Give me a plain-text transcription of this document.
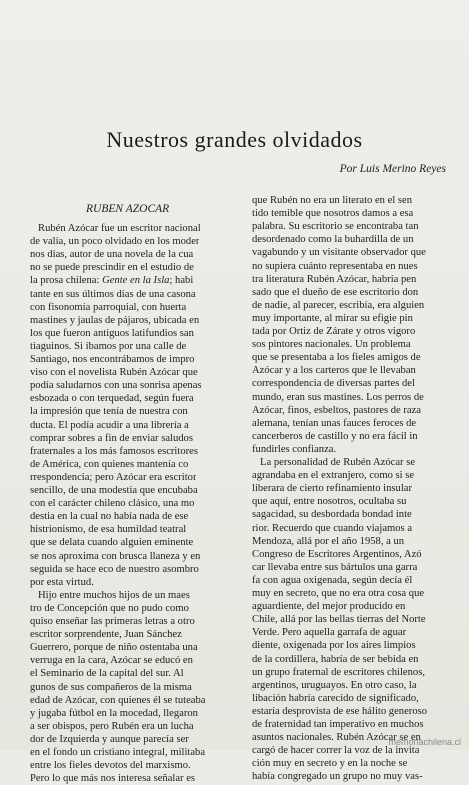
Nuestros grandes olvidados
Por Luis Merino Reyes
RUBEN AZOCAR
Rubén Azócar fue un escritor nacional
de valía, un poco olvidado en los moder
nos días, autor de una novela de la cua
no se puede prescindir en el estudio de
la prosa chilena: Gente en la Isla; habi
tante en sus últimos días de una casona
con fisonomía parroquial, con huerta
mastines y jaulas de pájaros, ubicada en
los que fueron antiguos latifundios san
tiaguinos. Si íbamos por una calle de
Santiago, nos encontrábamos de impro
viso con el novelista Rubén Azócar que
podía saludarnos con una sonrisa apenas
esbozada o con terquedad, según fuera
la impresión que tenía de nuestra con
ducta. El podía acudir a una librería a
comprar sobres a fin de enviar saludos
fraternales a los más famosos escritores
de América, con quienes mantenía co
rrespondencia; pero Azócar era escritor
sencillo, de una modestia que encubaba
con el carácter chileno clásico, una mo
destia en la cual no había nada de ese
histrionismo, de esa humildad teatral
que se delata cuando alguien eminente
se nos aproxima con brusca llaneza y en
seguida se hace eco de nuestro asombro
por esta virtud.
Hijo entre muchos hijos de un maes
tro de Concepción que no pudo como
quiso enseñar las primeras letras a otro
escritor sorprendente, Juan Sánchez
Guerrero, porque de niño ostentaba una
verruga en la cara, Azócar se educó en
el Seminario de la capital del sur. Al
gunos de sus compañeros de la misma
edad de Azócar, con quienes él se tuteaba
y jugaba fútbol en la mocedad, llegaron
a ser obispos, pero Rubén era un lucha
dor de Izquierda y aunque parecía ser
en el fondo un cristiano integral, militaba
entre los fieles devotos del marxismo.
Pero lo que más nos interesa señalar es
que Rubén no era un literato en el sen
tido temible que nosotros damos a esa
palabra. Su escritorio se encontraba tan
desordenado como la buhardilla de un
vagabundo y un visitante observador que
no supiera cuánto representaba en nues
tra literatura Rubén Azócar, habría pen
sado que el dueño de ese escritorio don
de nadie, al parecer, escribía, era alguien
muy importante, al mirar su efigie pin
tada por Ortiz de Zárate y otros vigoro
sos pintores nacionales. Un problema
que se presentaba a los fieles amigos de
Azócar y a los carteros que le llevaban
correspondencia de diversas partes del
mundo, eran sus mastines. Los perros de
Azócar, finos, esbeltos, pastores de raza
alemana, tenían unas fauces feroces de
cancerberos de castillo y no era fácil in
fundirles confianza.
La personalidad de Rubén Azócar se
agrandaba en el extranjero, como si se
liberara de cierto refinamiento insular
que aquí, entre nosotros, ocultaba su
sagacidad, su desbordada bondad inte
rior. Recuerdo que cuando viajamos a
Mendoza, allá por el año 1958, a un
Congreso de Escritores Argentinos, Azó
car llevaba entre sus bártulos una garra
fa con agua oxigenada, según decía él
muy en secreto, que no era otra cosa que
aguardiente, del mejor producido en
Chile, allá por las bellas tierras del Norte
Verde. Pero aquella garrafa de aguar
diente, oxigenada por los aires limpios
de la cordillera, habría de ser bebida en
un grupo fraternal de escritores chilenos,
argentinos, uruguayos. En otro caso, la
libación habría carecido de significado,
estaría desprovista de ese hálito generoso
de fraternidad tan imperativo en muchos
asuntos nacionales. Rubén Azócar se en
cargó de hacer correr la voz de la invita
ción muy en secreto y en la noche se
había congregado un grupo no muy vas-
memoriachilena.cl
